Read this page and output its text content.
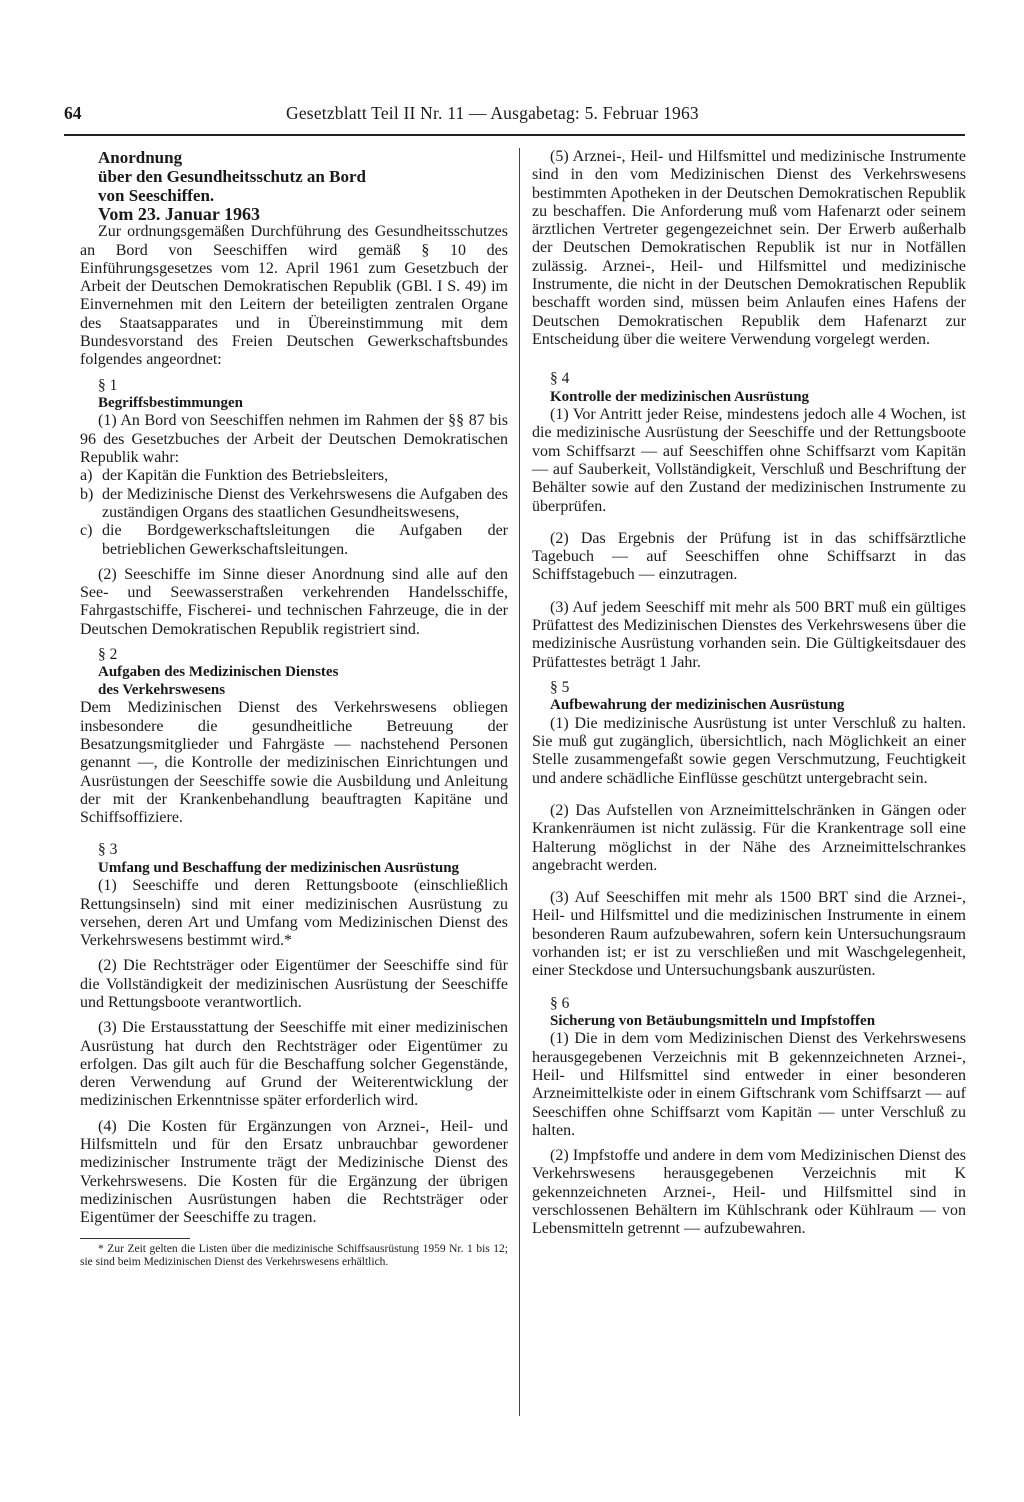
64	Gesetzblatt Teil II Nr. 11 — Ausgabetag: 5. Februar 1963

Anordnung

über den Gesundheitsschutz an Bord

von Seeschiffen.

Vom 23. Januar 1963

Zur ordnungsgemäßen Durchführung des Gesundheitsschutzes an Bord von Seeschiffen wird gemäß § 10 des Einführungsgesetzes vom 12. April 1961 zum Gesetzbuch der Arbeit der Deutschen Demokratischen Republik (GBl. I S. 49) im Einvernehmen mit den Leitern der beteiligten zentralen Organe des Staatsapparates und in Übereinstimmung mit dem Bundesvorstand des Freien Deutschen Gewerkschaftsbundes folgendes angeordnet:

§ 1

Begriffsbestimmungen

(1) An Bord von Seeschiffen nehmen im Rahmen der §§ 87 bis 96 des Gesetzbuches der Arbeit der Deutschen Demokratischen Republik wahr:

a) der Kapitän die Funktion des Betriebsleiters,
b) der Medizinische Dienst des Verkehrswesens die Aufgaben des zuständigen Organs des staatlichen Gesundheitswesens,
c) die Bordgewerkschaftsleitungen die Aufgaben der betrieblichen Gewerkschaftsleitungen.

(2) Seeschiffe im Sinne dieser Anordnung sind alle auf den See- und Seewasserstraßen verkehrenden Handelsschiffe, Fahrgastschiffe, Fischerei- und technischen Fahrzeuge, die in der Deutschen Demokratischen Republik registriert sind.

§ 2

Aufgaben des Medizinischen Dienstes

des Verkehrswesens

Dem Medizinischen Dienst des Verkehrswesens obliegen insbesondere die gesundheitliche Betreuung der Besatzungsmitglieder und Fahrgäste — nachstehend Personen genannt —, die Kontrolle der medizinischen Einrichtungen und Ausrüstungen der Seeschiffe sowie die Ausbildung und Anleitung der mit der Krankenbehandlung beauftragten Kapitäne und Schiffsoffiziere.

§ 3

Umfang und Beschaffung der medizinischen Ausrüstung

(1) Seeschiffe und deren Rettungsboote (einschließlich Rettungsinseln) sind mit einer medizinischen Ausrüstung zu versehen, deren Art und Umfang vom Medizinischen Dienst des Verkehrswesens bestimmt wird.*

(2) Die Rechtsträger oder Eigentümer der Seeschiffe sind für die Vollständigkeit der medizinischen Ausrüstung der Seeschiffe und Rettungsboote verantwortlich.

(3) Die Erstausstattung der Seeschiffe mit einer medizinischen Ausrüstung hat durch den Rechtsträger oder Eigentümer zu erfolgen. Das gilt auch für die Beschaffung solcher Gegenstände, deren Verwendung auf Grund der Weiterentwicklung der medizinischen Erkenntnisse später erforderlich wird.

(4) Die Kosten für Ergänzungen von Arznei-, Heil- und Hilfsmitteln und für den Ersatz unbrauchbar gewordener medizinischer Instrumente trägt der Medizinische Dienst des Verkehrswesens. Die Kosten für die Ergänzung der übrigen medizinischen Ausrüstungen haben die Rechtsträger oder Eigentümer der Seeschiffe zu tragen.

* Zur Zeit gelten die Listen über die medizinische Schiffsausrüstung 1959 Nr. 1 bis 12; sie sind beim Medizinischen Dienst des Verkehrswesens erhältlich.

(5) Arznei-, Heil- und Hilfsmittel und medizinische Instrumente sind in den vom Medizinischen Dienst des Verkehrswesens bestimmten Apotheken in der Deutschen Demokratischen Republik zu beschaffen. Die Anforderung muß vom Hafenarzt oder seinem ärztlichen Vertreter gegengezeichnet sein. Der Erwerb außerhalb der Deutschen Demokratischen Republik ist nur in Notfällen zulässig. Arznei-, Heil- und Hilfsmittel und medizinische Instrumente, die nicht in der Deutschen Demokratischen Republik beschafft worden sind, müssen beim Anlaufen eines Hafens der Deutschen Demokratischen Republik dem Hafenarzt zur Entscheidung über die weitere Verwendung vorgelegt werden.

§ 4

Kontrolle der medizinischen Ausrüstung

(1) Vor Antritt jeder Reise, mindestens jedoch alle 4 Wochen, ist die medizinische Ausrüstung der Seeschiffe und der Rettungsboote vom Schiffsarzt — auf Seeschiffen ohne Schiffsarzt vom Kapitän — auf Sauberkeit, Vollständigkeit, Verschluß und Beschriftung der Behälter sowie auf den Zustand der medizinischen Instrumente zu überprüfen.

(2) Das Ergebnis der Prüfung ist in das schiffsärztliche Tagebuch — auf Seeschiffen ohne Schiffsarzt in das Schiffstagebuch — einzutragen.

(3) Auf jedem Seeschiff mit mehr als 500 BRT muß ein gültiges Prüfattest des Medizinischen Dienstes des Verkehrswesens über die medizinische Ausrüstung vorhanden sein. Die Gültigkeitsdauer des Prüfattestes beträgt 1 Jahr.

§ 5

Aufbewahrung der medizinischen Ausrüstung

(1) Die medizinische Ausrüstung ist unter Verschluß zu halten. Sie muß gut zugänglich, übersichtlich, nach Möglichkeit an einer Stelle zusammengefaßt sowie gegen Verschmutzung, Feuchtigkeit und andere schädliche Einflüsse geschützt untergebracht sein.

(2) Das Aufstellen von Arzneimittelschränken in Gängen oder Krankenräumen ist nicht zulässig. Für die Krankentrage soll eine Halterung möglichst in der Nähe des Arzneimittelschrankes angebracht werden.

(3) Auf Seeschiffen mit mehr als 1500 BRT sind die Arznei-, Heil- und Hilfsmittel und die medizinischen Instrumente in einem besonderen Raum aufzubewahren, sofern kein Untersuchungsraum vorhanden ist; er ist zu verschließen und mit Waschgelegenheit, einer Steckdose und Untersuchungsbank auszurüsten.

§ 6

Sicherung von Betäubungsmitteln und Impfstoffen

(1) Die in dem vom Medizinischen Dienst des Verkehrswesens herausgegebenen Verzeichnis mit B gekennzeichneten Arznei-, Heil- und Hilfsmittel sind entweder in einer besonderen Arzneimittelkiste oder in einem Giftschrank vom Schiffsarzt — auf Seeschiffen ohne Schiffsarzt vom Kapitän — unter Verschluß zu halten.

(2) Impfstoffe und andere in dem vom Medizinischen Dienst des Verkehrswesens herausgegebenen Verzeichnis mit K gekennzeichneten Arznei-, Heil- und Hilfsmittel sind in verschlossenen Behältern im Kühlschrank oder Kühlraum — von Lebensmitteln getrennt — aufzubewahren.
